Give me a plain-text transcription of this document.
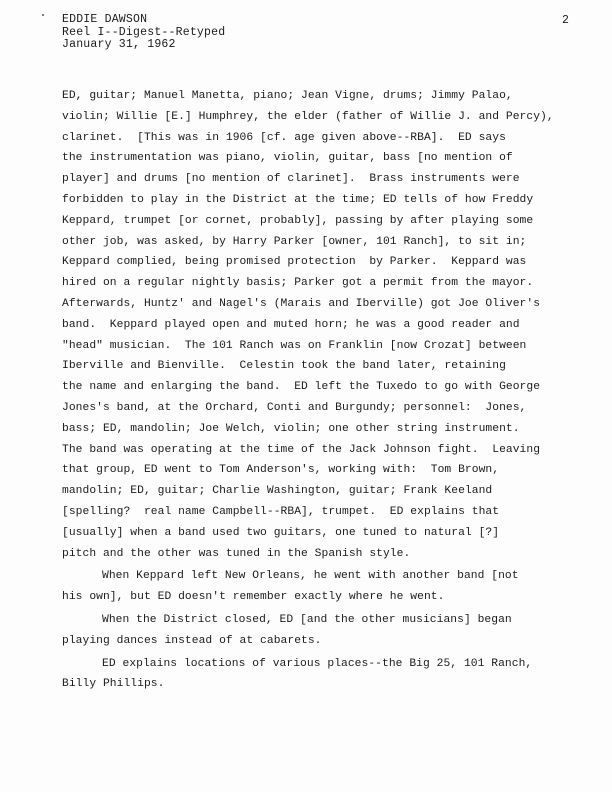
EDDIE DAWSON
Reel I--Digest--Retyped
January 31, 1962
2
ED, guitar; Manuel Manetta, piano; Jean Vigne, drums; Jimmy Palao,
violin; Willie [E.] Humphrey, the elder (father of Willie J. and Percy),
clarinet.  [This was in 1906 [cf. age given above--RBA].  ED says
the instrumentation was piano, violin, guitar, bass [no mention of
player] and drums [no mention of clarinet].  Brass instruments were
forbidden to play in the District at the time; ED tells of how Freddy
Keppard, trumpet [or cornet, probably], passing by after playing some
other job, was asked, by Harry Parker [owner, 101 Ranch], to sit in;
Keppard complied, being promised protection  by Parker.  Keppard was
hired on a regular nightly basis; Parker got a permit from the mayor.
Afterwards, Huntz' and Nagel's (Marais and Iberville) got Joe Oliver's
band.  Keppard played open and muted horn; he was a good reader and
"head" musician.  The 101 Ranch was on Franklin [now Crozat] between
Iberville and Bienville.  Celestin took the band later, retaining
the name and enlarging the band.  ED left the Tuxedo to go with George
Jones's band, at the Orchard, Conti and Burgundy; personnel:  Jones,
bass; ED, mandolin; Joe Welch, violin; one other string instrument.
The band was operating at the time of the Jack Johnson fight.  Leaving
that group, ED went to Tom Anderson's, working with:  Tom Brown,
mandolin; ED, guitar; Charlie Washington, guitar; Frank Keeland
[spelling?  real name Campbell--RBA], trumpet.  ED explains that
[usually] when a band used two guitars, one tuned to natural [?]
pitch and the other was tuned in the Spanish style.
When Keppard left New Orleans, he went with another band [not
his own], but ED doesn't remember exactly where he went.
When the District closed, ED [and the other musicians] began
playing dances instead of at cabarets.
ED explains locations of various places--the Big 25, 101 Ranch,
Billy Phillips.
